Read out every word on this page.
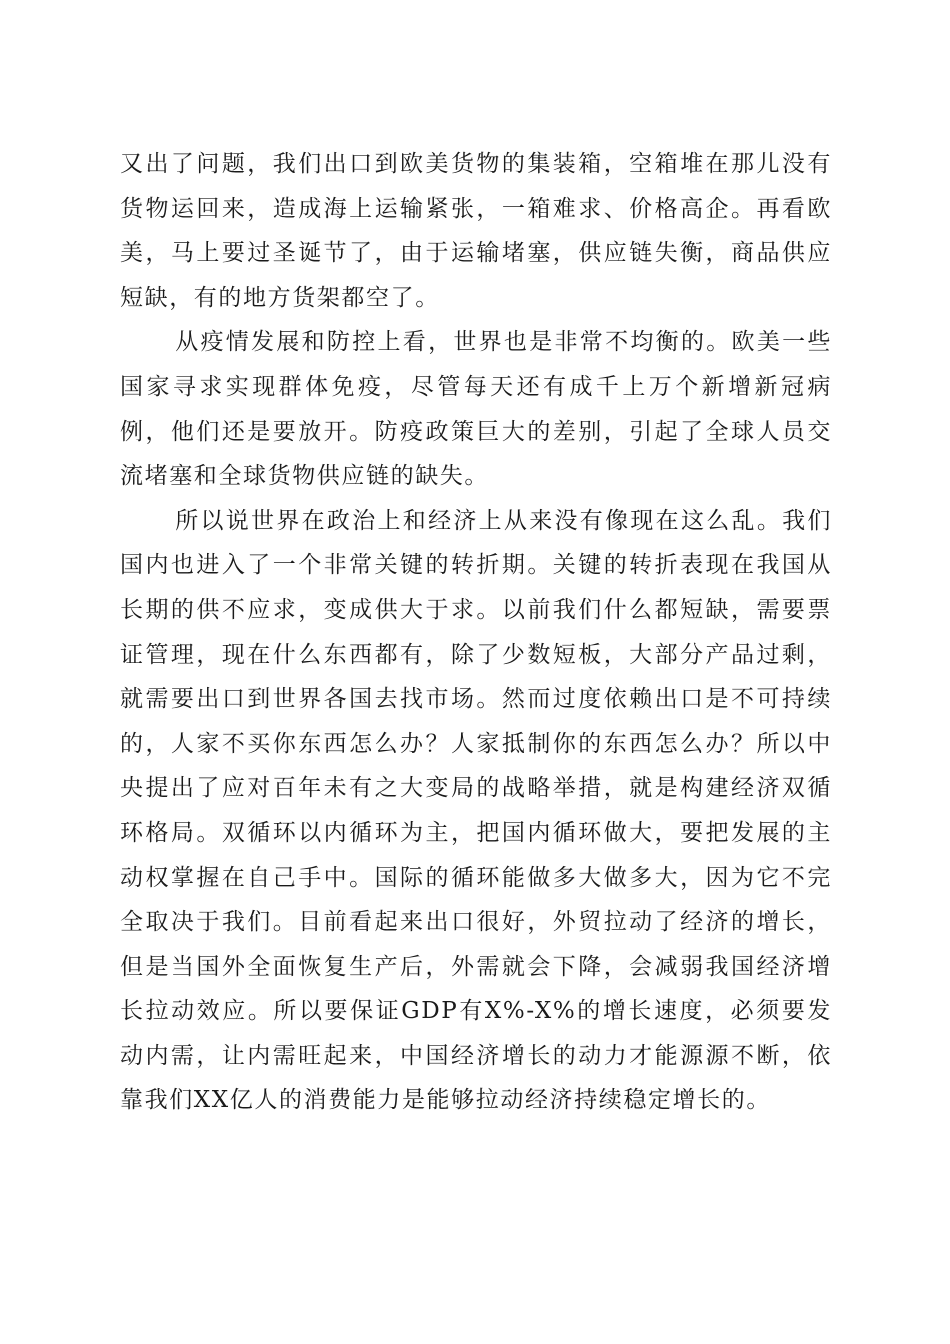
又出了问题，我们出口到欧美货物的集装箱，空箱堆在那儿没有货物运回来，造成海上运输紧张，一箱难求、价格高企。再看欧美，马上要过圣诞节了，由于运输堵塞，供应链失衡，商品供应短缺，有的地方货架都空了。

从疫情发展和防控上看，世界也是非常不均衡的。欧美一些国家寻求实现群体免疫，尽管每天还有成千上万个新增新冠病例，他们还是要放开。防疫政策巨大的差别，引起了全球人员交流堵塞和全球货物供应链的缺失。

所以说世界在政治上和经济上从来没有像现在这么乱。我们国内也进入了一个非常关键的转折期。关键的转折表现在我国从长期的供不应求，变成供大于求。以前我们什么都短缺，需要票证管理，现在什么东西都有，除了少数短板，大部分产品过剩，就需要出口到世界各国去找市场。然而过度依赖出口是不可持续的，人家不买你东西怎么办？人家抵制你的东西怎么办？所以中央提出了应对百年未有之大变局的战略举措，就是构建经济双循环格局。双循环以内循环为主，把国内循环做大，要把发展的主动权掌握在自己手中。国际的循环能做多大做多大，因为它不完全取决于我们。目前看起来出口很好，外贸拉动了经济的增长，但是当国外全面恢复生产后，外需就会下降，会减弱我国经济增长拉动效应。所以要保证GDP有X%-X%的增长速度，必须要发动内需，让内需旺起来，中国经济增长的动力才能源源不断，依靠我们XX亿人的消费能力是能够拉动经济持续稳定增长的。
